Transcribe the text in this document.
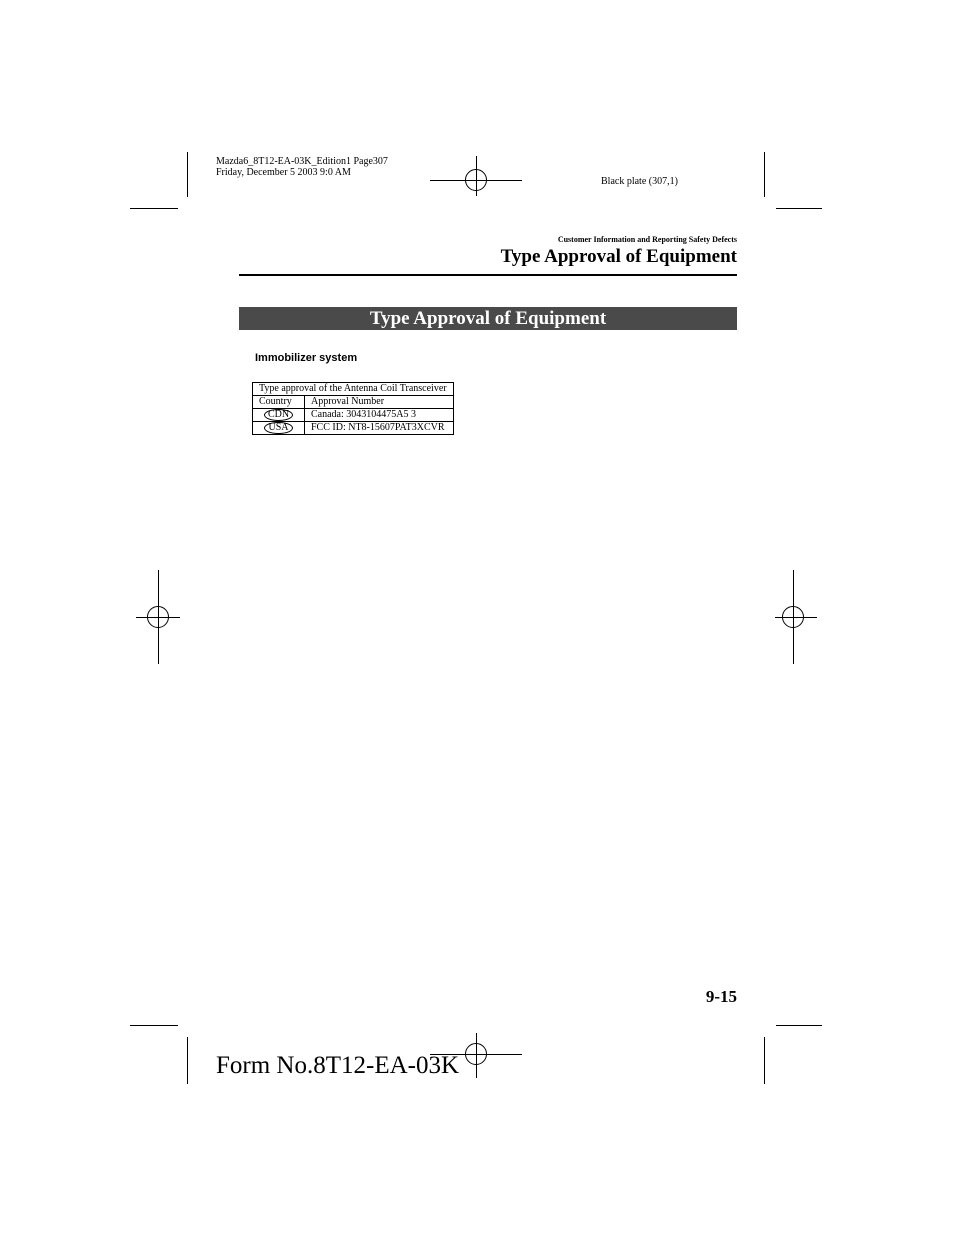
Mazda6_8T12-EA-03K_Edition1 Page307
Friday, December 5 2003 9:0 AM
Black plate (307,1)
Customer Information and Reporting Safety Defects
Type Approval of Equipment
Type Approval of Equipment
Immobilizer system
Type approval of the Antenna Coil Transceiver	
Country	Approval Number
CDN	Canada: 3043104475A5 3
USA	FCC ID: NT8-15607PAT3XCVR
9-15
Form No.8T12-EA-03K
